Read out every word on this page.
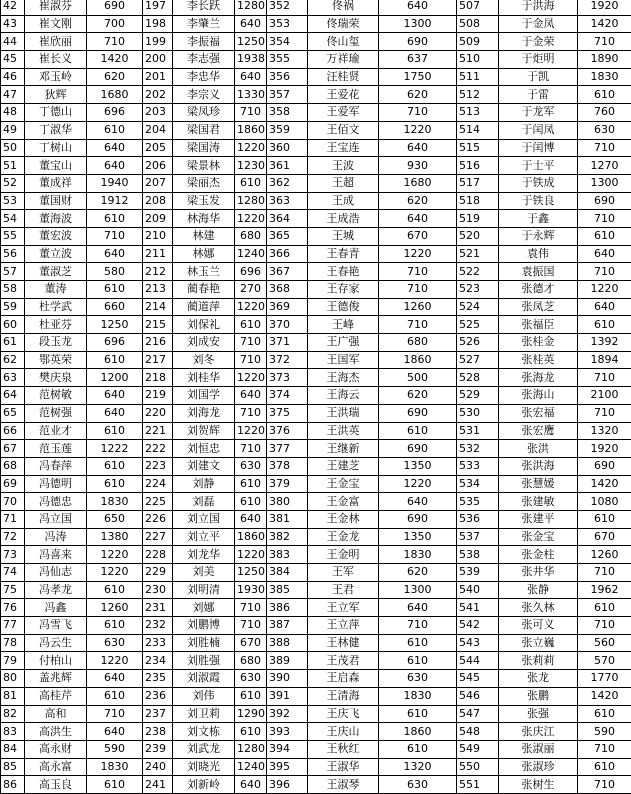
42	崔淑芬	690	197	李长跃	1280	352	佟祸	640	507	于洪海	1920
43	崔文刚	700	198	李肇兰	640	353	佟瑞荣	1300	508	于金凤	1420
44	崔欣丽	710	199	李振福	1250	354	佟山玺	690	509	于金荣	710
45	崔长义	1420	200	李志强	1938	355	万祥瑜	637	510	于炬明	1890
46	邓玉岭	620	201	李忠华	640	356	汪桂贤	1750	511	于凯	1830
47	狄辉	1680	202	李宗义	1330	357	王爱花	620	512	于雷	610
48	丁德山	696	203	梁凤珍	710	358	王爱军	710	513	于龙军	760
49	丁淑华	610	204	梁国君	1860	359	王佰文	1220	514	于闰凤	630
50	丁树山	640	205	梁国涛	1220	360	王宝连	640	515	于闰博	710
51	董宝山	640	206	梁景林	1230	361	王波	930	516	于士平	1270
52	董成祥	1940	207	梁丽杰	610	362	王超	1680	517	于铁成	1300
53	董国财	1912	208	梁玉发	1280	363	王成	620	518	于铁良	690
54	董海波	610	209	林海华	1220	364	王成浩	640	519	于鑫	710
55	董宏波	710	210	林建	680	365	王城	670	520	于永辉	610
56	董立波	640	211	林娜	1240	366	王春青	1220	521	袁伟	640
57	董淑芝	580	212	林玉兰	696	367	王春艳	710	522	袁振国	710
58	董涛	610	213	蔺春艳	270	368	王存家	710	523	张德才	1220
59	杜学武	660	214	蔺道萍	1220	369	王德俊	1260	524	张凤芝	640
60	杜亚芬	1250	215	刘保礼	610	370	王峰	710	525	张福臣	610
61	段玉龙	696	216	刘成安	710	371	王广强	680	526	张桂金	1392
62	鄂英荣	610	217	刘冬	710	372	王国军	1860	527	张桂英	1894
63	樊庆泉	1200	218	刘桂华	1220	373	王海杰	500	528	张海龙	710
64	范树敏	640	219	刘国学	640	374	王海云	620	529	张海山	2100
65	范树强	640	220	刘海龙	710	375	王洪瑞	690	530	张宏福	710
66	范业才	610	221	刘贺辉	1220	376	王洪英	610	531	张宏鹰	1320
67	范玉莲	1222	222	刘恒忠	710	377	王继新	690	532	张洪	1920
68	冯春萍	610	223	刘建文	630	378	王建芝	1350	533	张洪海	690
69	冯德明	610	224	刘静	610	379	王金宝	1220	534	张慧媛	1420
70	冯德忠	1830	225	刘磊	610	380	王金富	640	535	张建敏	1080
71	冯立国	650	226	刘立国	640	381	王金林	690	536	张建平	610
72	冯涛	1380	227	刘立平	1860	382	王金龙	1350	537	张金宝	670
73	冯喜来	1220	228	刘龙华	1220	383	王金明	1830	538	张金柱	1260
74	冯仙志	1220	229	刘美	1250	384	王军	620	539	张井华	710
75	冯孝龙	610	230	刘明清	1930	385	王君	1300	540	张静	1962
76	冯鑫	1260	231	刘娜	710	386	王立军	640	541	张久林	610
77	冯雪飞	610	232	刘鹏博	710	387	王立萍	710	542	张可义	710
78	冯云生	630	233	刘胜楠	670	388	王林健	610	543	张立巍	560
79	付柏山	1220	234	刘胜强	680	389	王茂君	610	544	张莉莉	570
80	盖兆辉	640	235	刘淑霞	630	390	王启森	630	545	张龙	1770
81	高桂芹	610	236	刘伟	610	391	王清海	1830	546	张鹏	1420
82	高和	710	237	刘卫莉	1290	392	王庆飞	610	547	张强	610
83	高洪生	640	238	刘文栋	610	393	王庆山	1860	548	张庆江	590
84	高永财	590	239	刘武龙	1280	394	王秋红	610	549	张淑丽	710
85	高永富	1830	240	刘晓光	1240	395	王淑华	1320	550	张淑珍	610
86	高玉良	610	241	刘新岭	640	396	王淑琴	630	551	张树生	710
